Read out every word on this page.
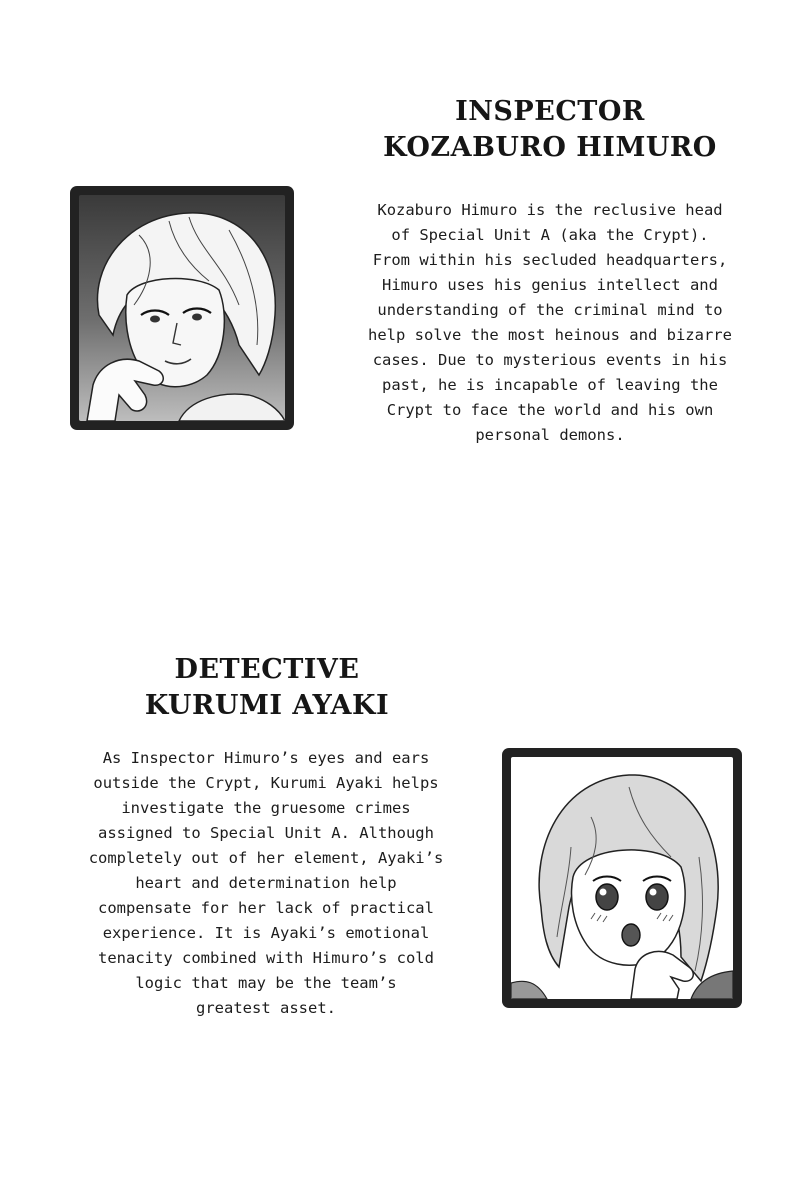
INSPECTOR
KOZABURO HIMURO
Kozaburo Himuro is the reclusive head
of Special Unit A (aka the Crypt).
From within his secluded headquarters,
Himuro uses his genius intellect and
understanding of the criminal mind to
help solve the most heinous and bizarre
cases. Due to mysterious events in his
past, he is incapable of leaving the
Crypt to face the world and his own
personal demons.
DETECTIVE
KURUMI AYAKI
As Inspector Himuro’s eyes and ears
outside the Crypt, Kurumi Ayaki helps
investigate the gruesome crimes
assigned to Special Unit A. Although
completely out of her element, Ayaki’s
heart and determination help
compensate for her lack of practical
experience. It is Ayaki’s emotional
tenacity combined with Himuro’s cold
logic that may be the team’s
greatest asset.
